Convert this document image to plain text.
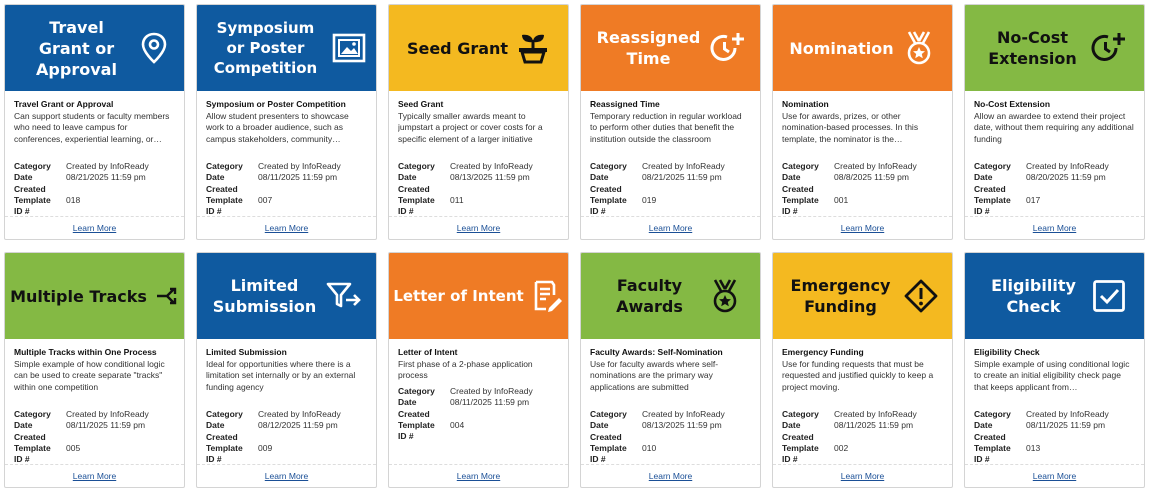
Travel Grant or Approval
Travel Grant or Approval
Can support students or faculty members who need to leave campus for conferences, experiential learning, or…
Category	Created by InfoReady
Date	08/21/2025 11:59 pm
Created
Template	018
ID #
Learn More
Symposium or Poster Competition
Symposium or Poster Competition
Allow student presenters to showcase work to a broader audience, such as campus stakeholders, community…
Category	Created by InfoReady
Date	08/11/2025 11:59 pm
Created
Template	007
ID #
Learn More
Seed Grant
Seed Grant
Typically smaller awards meant to jumpstart a project or cover costs for a specific element of a larger initiative
Category	Created by InfoReady
Date	08/13/2025 11:59 pm
Created
Template	011
ID #
Learn More
Reassigned Time
Reassigned Time
Temporary reduction in regular workload to perform other duties that benefit the institution outside the classroom
Category	Created by InfoReady
Date	08/21/2025 11:59 pm
Created
Template	019
ID #
Learn More
Nomination
Nomination
Use for awards, prizes, or other nomination-based processes. In this template, the nominator is the…
Category	Created by InfoReady
Date	08/8/2025 11:59 pm
Created
Template	001
ID #
Learn More
No-Cost Extension
No-Cost Extension
Allow an awardee to extend their project date, without them requiring any additional funding
Category	Created by InfoReady
Date	08/20/2025 11:59 pm
Created
Template	017
ID #
Learn More
Multiple Tracks
Multiple Tracks within One Process
Simple example of how conditional logic can be used to create separate "tracks" within one competition
Category	Created by InfoReady
Date	08/11/2025 11:59 pm
Created
Template	005
ID #
Learn More
Limited Submission
Limited Submission
Ideal for opportunities where there is a limitation set internally or by an external funding agency
Category	Created by InfoReady
Date	08/12/2025 11:59 pm
Created
Template	009
ID #
Learn More
Letter of Intent
Letter of Intent
First phase of a 2-phase application process
Category	Created by InfoReady
Date	08/11/2025 11:59 pm
Created
Template	004
ID #
Learn More
Faculty Awards
Faculty Awards: Self-Nomination
Use for faculty awards where self-nominations are the primary way applications are submitted
Category	Created by InfoReady
Date	08/13/2025 11:59 pm
Created
Template	010
ID #
Learn More
Emergency Funding
Emergency Funding
Use for funding requests that must be requested and justified quickly to keep a project moving.
Category	Created by InfoReady
Date	08/11/2025 11:59 pm
Created
Template	002
ID #
Learn More
Eligibility Check
Eligibility Check
Simple example of using conditional logic to create an initial eligibility check page that keeps applicant from…
Category	Created by InfoReady
Date	08/11/2025 11:59 pm
Created
Template	013
ID #
Learn More
